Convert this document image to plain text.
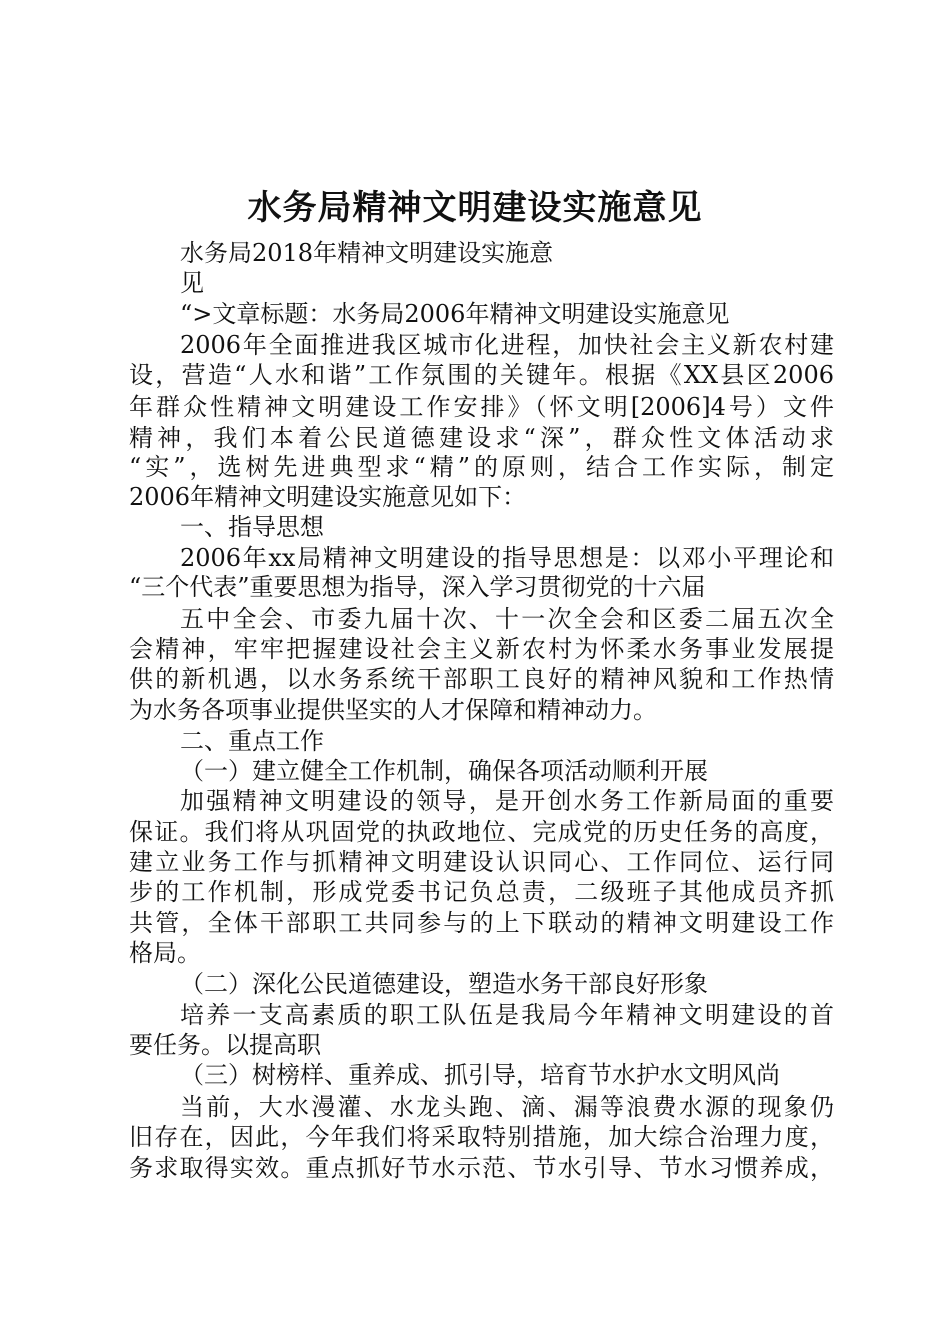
水务局精神文明建设实施意见
水务局2018年精神文明建设实施意
见
“>文章标题：水务局2006年精神文明建设实施意见
2006年全面推进我区城市化进程，加快社会主义新农村建
设，营造“人水和谐”工作氛围的关键年。根据《XX县区2006
年群众性精神文明建设工作安排》（怀文明[2006]4号）文件
精神，我们本着公民道德建设求“深”，群众性文体活动求
“实”，选树先进典型求“精”的原则，结合工作实际，制定
2006年精神文明建设实施意见如下：
一、指导思想
2006年xx局精神文明建设的指导思想是：以邓小平理论和
“三个代表”重要思想为指导，深入学习贯彻党的十六届
五中全会、市委九届十次、十一次全会和区委二届五次全
会精神，牢牢把握建设社会主义新农村为怀柔水务事业发展提
供的新机遇，以水务系统干部职工良好的精神风貌和工作热情
为水务各项事业提供坚实的人才保障和精神动力。
二、重点工作
（一）建立健全工作机制，确保各项活动顺利开展
加强精神文明建设的领导，是开创水务工作新局面的重要
保证。我们将从巩固党的执政地位、完成党的历史任务的高度，
建立业务工作与抓精神文明建设认识同心、工作同位、运行同
步的工作机制，形成党委书记负总责，二级班子其他成员齐抓
共管，全体干部职工共同参与的上下联动的精神文明建设工作
格局。
（二）深化公民道德建设，塑造水务干部良好形象
培养一支高素质的职工队伍是我局今年精神文明建设的首
要任务。以提高职
（三）树榜样、重养成、抓引导，培育节水护水文明风尚
当前，大水漫灌、水龙头跑、滴、漏等浪费水源的现象仍
旧存在，因此，今年我们将采取特别措施，加大综合治理力度，
务求取得实效。重点抓好节水示范、节水引导、节水习惯养成，
